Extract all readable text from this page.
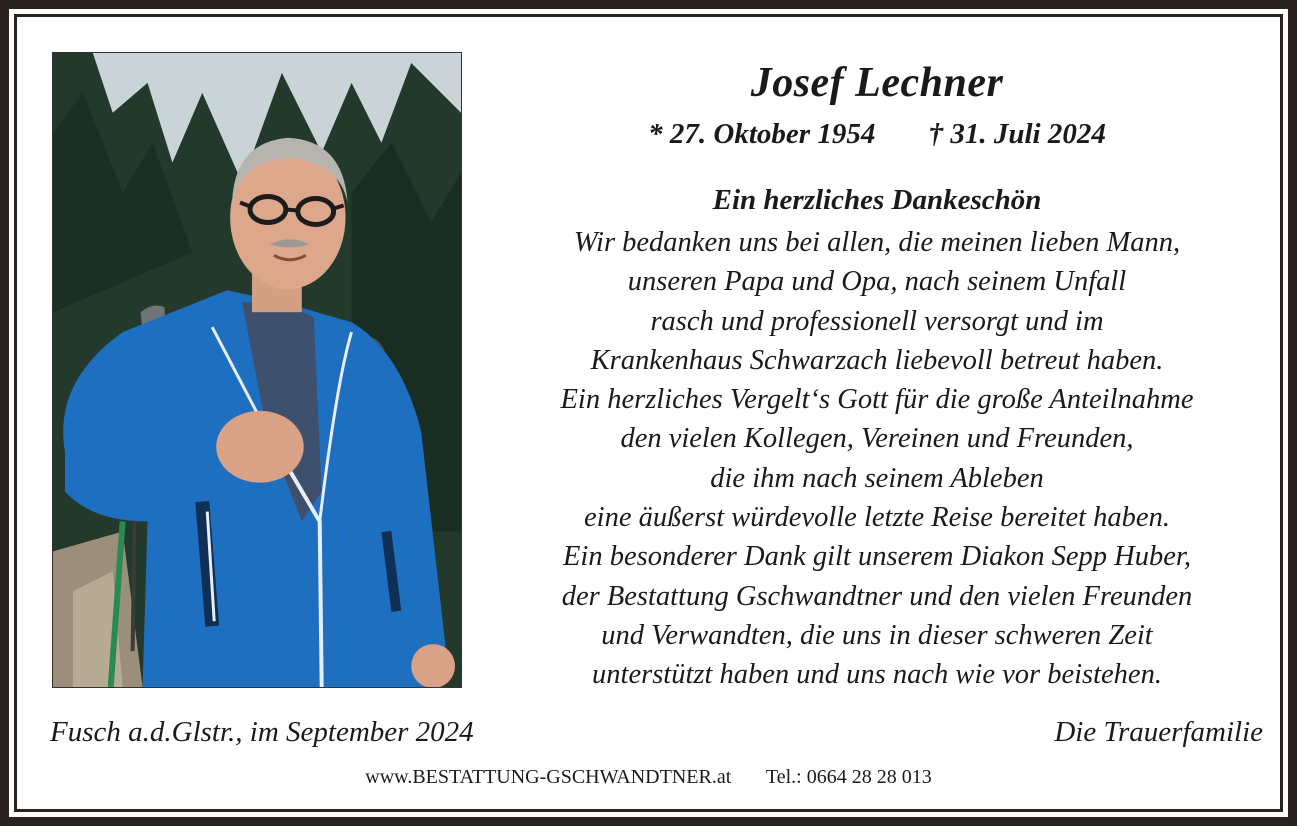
Josef Lechner
* 27. Oktober 1954 † 31. Juli 2024
Ein herzliches Dankeschön
Wir bedanken uns bei allen, die meinen lieben Mann,
unseren Papa und Opa, nach seinem Unfall
rasch und professionell versorgt und im
Krankenhaus Schwarzach liebevoll betreut haben.
Ein herzliches Vergelt‘s Gott für die große Anteilnahme
den vielen Kollegen, Vereinen und Freunden,
die ihm nach seinem Ableben
eine äußerst würdevolle letzte Reise bereitet haben.
Ein besonderer Dank gilt unserem Diakon Sepp Huber,
der Bestattung Gschwandtner und den vielen Freunden
und Verwandten, die uns in dieser schweren Zeit
unterstützt haben und uns nach wie vor beistehen.
Fusch a.d.Glstr., im September 2024	Die Trauerfamilie
www.BESTATTUNG-GSCHWANDTNER.at Tel.: 0664 28 28 013
